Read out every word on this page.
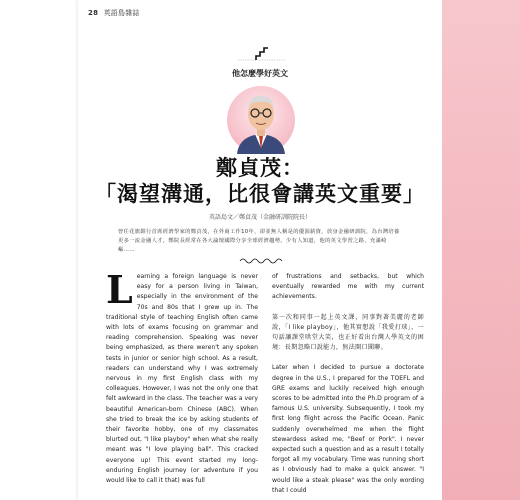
28 英語島雜誌
他怎麼學好英文
鄭貞茂：
「渴望溝通，比很會講英文重要」
英語島文／鄭貞茂（金融研訓院院長）
曾任花旗銀行首席經濟學家的鄭貞茂，在外商工作10年，卻並無人稱是的優渥薪資，放身金融研訓院，為台灣培養更多一流金融人才，鄭院長經常在各大論壇國際分享全球經濟趨勢，少有人知道，他的英文學習之路，充滿崎嶇……
L earning a foreign language is never easy for a person living in Taiwan, especially in the environment of the 70s and 80s that I grew up in. The traditional style of teaching English often came with lots of exams focusing on grammar and reading comprehension. Speaking was never being emphasized, as there weren't any spoken tests in junior or senior high school. As a result, readers can understand why I was extremely nervous in my first English class with my colleagues. However, I was not the only one that felt awkward in the class. The teacher was a very beautiful American-born Chinese (ABC). When she tried to break the ice by asking students of their favorite hobby, one of my classmates blurted out, "I like playboy" when what she really meant was "I love playing ball". This cracked everyone up! This event started my long-enduring English journey (or adventure if you would like to call it that) was full

of frustrations and setbacks, but which eventually rewarded me with my current achievements.

第一次和同事一起上英文課，同事對著美麗的老師說，「I like playboy」，他其實想說「我愛打球」，一句話讓課堂哄堂大笑，也正好看出台灣人學英文的困境：長期忽略口說能力，無法開口聞聊。

Later when I decided to pursue a doctorate degree in the U.S., I prepared for the TOEFL and GRE exams and luckily received high enough scores to be admitted into the Ph.D program of a famous U.S. university. Subsequently, I took my first long flight across the Pacific Ocean. Panic suddenly overwhelmed me when the flight stewardess asked me, "Beef or Pork". I never expected such a question and as a result I totally forgot all my vocabulary. Time was running short as I obviously had to make a quick answer. "I would like a steak please" was the only wording that I could
